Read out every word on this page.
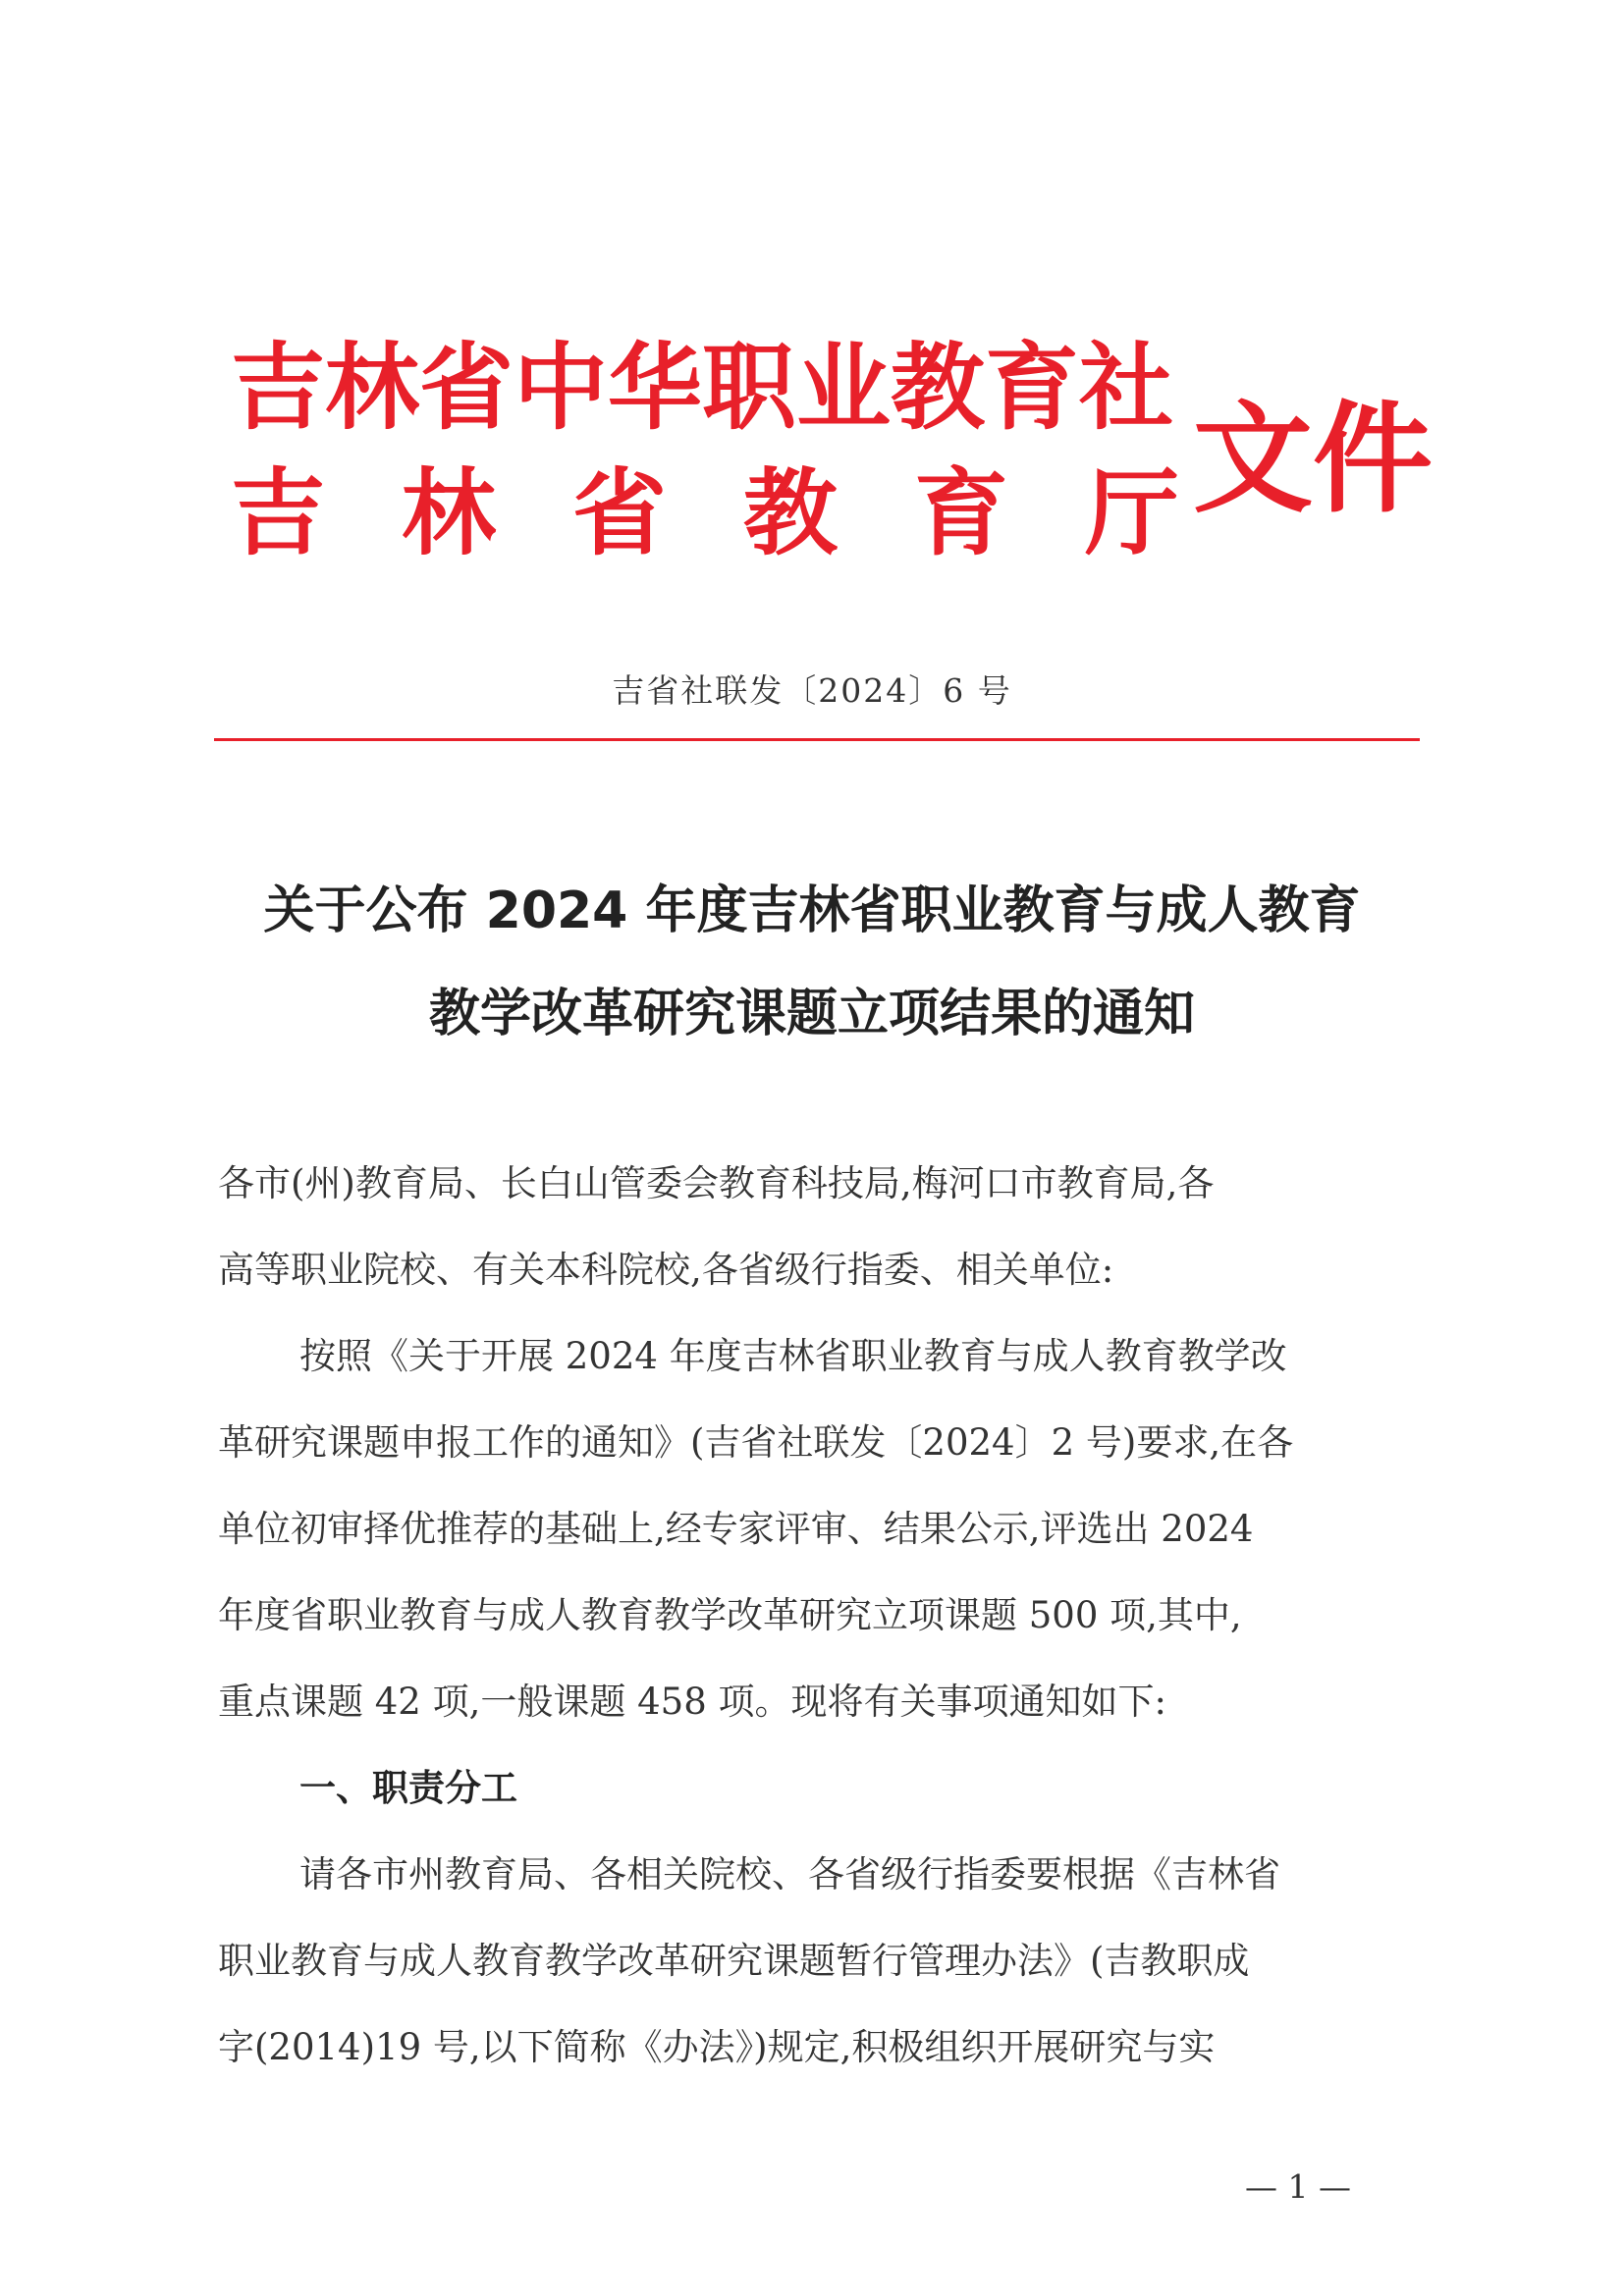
吉林省中华职业教育社
吉林省教育厅
文件
吉省社联发〔2024〕6 号
关于公布 2024 年度吉林省职业教育与成人教育
教学改革研究课题立项结果的通知
各市(州)教育局、长白山管委会教育科技局,梅河口市教育局,各
高等职业院校、有关本科院校,各省级行指委、相关单位:
按照《关于开展 2024 年度吉林省职业教育与成人教育教学改
革研究课题申报工作的通知》(吉省社联发〔2024〕2 号)要求,在各
单位初审择优推荐的基础上,经专家评审、结果公示,评选出 2024
年度省职业教育与成人教育教学改革研究立项课题 500 项,其中,
重点课题 42 项,一般课题 458 项。现将有关事项通知如下:
一、职责分工
请各市州教育局、各相关院校、各省级行指委要根据《吉林省
职业教育与成人教育教学改革研究课题暂行管理办法》(吉教职成
字(2014)19 号,以下简称《办法》)规定,积极组织开展研究与实
— 1 —
